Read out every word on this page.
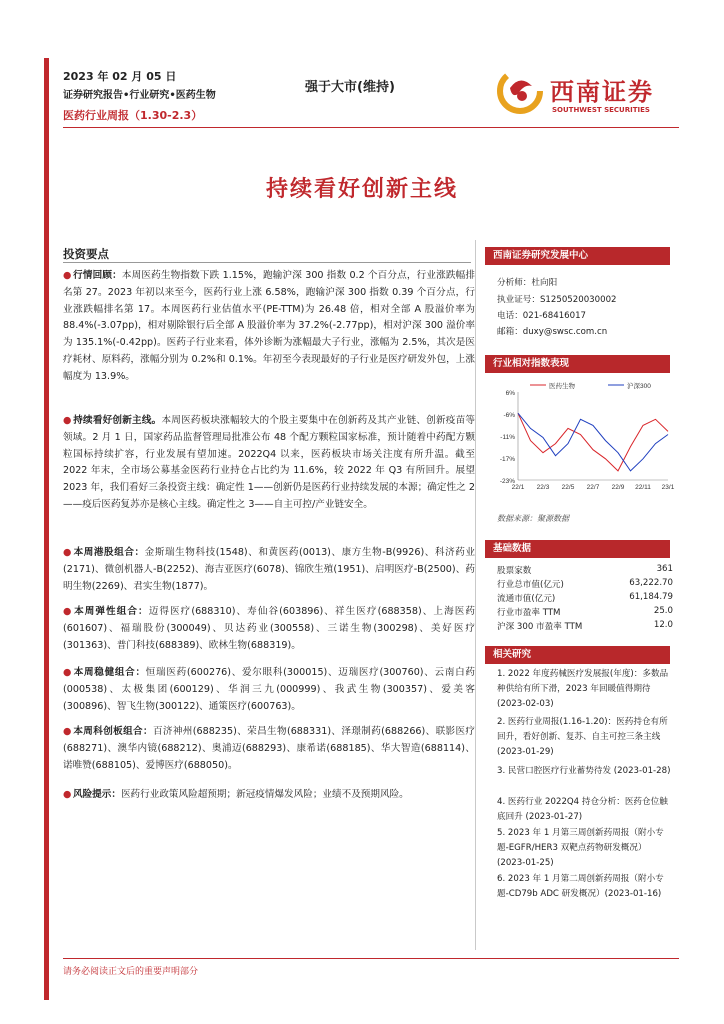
2023 年 02 月 05 日
证券研究报告•行业研究•医药生物
医药行业周报（1.30-2.3）
强于大市(维持)	西南证券
SOUTHWEST SECURITIES
持续看好创新主线
投资要点
● 行情回顾：本周医药生物指数下跌 1.15%，跑输沪深 300 指数 0.2 个百分点，行业涨跌幅排名第 27。2023 年初以来至今，医药行业上涨 6.58%，跑输沪深 300 指数 0.39 个百分点，行业涨跌幅排名第 17。本周医药行业估值水平(PE-TTM)为 26.48 倍，相对全部 A 股溢价率为 88.4%(-3.07pp)，相对剔除银行后全部 A 股溢价率为 37.2%(-2.77pp)，相对沪深 300 溢价率为 135.1%(-0.42pp)。医药子行业来看，体外诊断为涨幅最大子行业，涨幅为 2.5%，其次是医疗耗材、原料药，涨幅分别为 0.2%和 0.1%。年初至今表现最好的子行业是医疗研发外包，上涨幅度为 13.9%。
● 持续看好创新主线。本周医药板块涨幅较大的个股主要集中在创新药及其产业链、创新疫苗等领域。2 月 1 日，国家药品监督管理局批准公布 48 个配方颗粒国家标准，预计随着中药配方颗粒国标持续扩容，行业发展有望加速。2022Q4 以来，医药板块市场关注度有所升温。截至 2022 年末，全市场公募基金医药行业持仓占比约为 11.6%，较 2022 年 Q3 有所回升。展望 2023 年，我们看好三条投资主线：确定性 1——创新仍是医药行业持续发展的本源；确定性之 2——疫后医药复苏亦是核心主线。确定性之 3——自主可控/产业链安全。
● 本周港股组合：金斯瑞生物科技(1548)、和黄医药(0013)、康方生物-B(9926)、科济药业(2171)、微创机器人-B(2252)、海吉亚医疗(6078)、锦欣生殖(1951)、启明医疗-B(2500)、药明生物(2269)、君实生物(1877)。
● 本周弹性组合：迈得医疗(688310)、寿仙谷(603896)、祥生医疗(688358)、上海医药(601607)、福瑞股份(300049)、贝达药业(300558)、三诺生物(300298)、美好医疗(301363)、普门科技(688389)、欧林生物(688319)。
● 本周稳健组合：恒瑞医药(600276)、爱尔眼科(300015)、迈瑞医疗(300760)、云南白药(000538)、太极集团(600129)、华润三九(000999)、我武生物(300357)、爱美客(300896)、智飞生物(300122)、通策医疗(600763)。
● 本周科创板组合：百济神州(688235)、荣昌生物(688331)、泽璟制药(688266)、联影医疗(688271)、澳华内镜(688212)、奥浦迈(688293)、康希诺(688185)、华大智造(688114)、诺唯赞(688105)、爱博医疗(688050)。
● 风险提示：医药行业政策风险超预期；新冠疫情爆发风险；业绩不及预期风险。
西南证券研究发展中心
分析师：杜向阳
执业证号：S1250520030002
电话：021-68416017
邮箱：duxy@swsc.com.cn
行业相对指数表现
6%
-6%
-11%
-17%
-23%
22/1 22/3 22/5 22/7 22/9 22/11 23/1
医药生物	沪深300
数据来源：聚源数据
基础数据
股票家数	361
行业总市值(亿元)	63,222.70
流通市值(亿元)	61,184.79
行业市盈率 TTM	25.0
沪深 300 市盈率 TTM	12.0
相关研究
1. 2022 年度药械医疗发展报(年度)：多数品种供给有所下滑，2023 年回暖值得期待 (2023-02-03)
2. 医药行业周报(1.16-1.20)：医药持仓有所回升，看好创新、复苏、自主可控三条主线 (2023-01-29)
3. 民营口腔医疗行业蓄势待发 (2023-01-28)
4. 医药行业 2022Q4 持仓分析：医药仓位触底回升 (2023-01-27)
5. 2023 年 1 月第三周创新药周报（附小专题-EGFR/HER3 双靶点药物研发概况）(2023-01-25)
6. 2023 年 1 月第二周创新药周报（附小专题-CD79b ADC 研发概况）(2023-01-16)
请务必阅读正文后的重要声明部分
